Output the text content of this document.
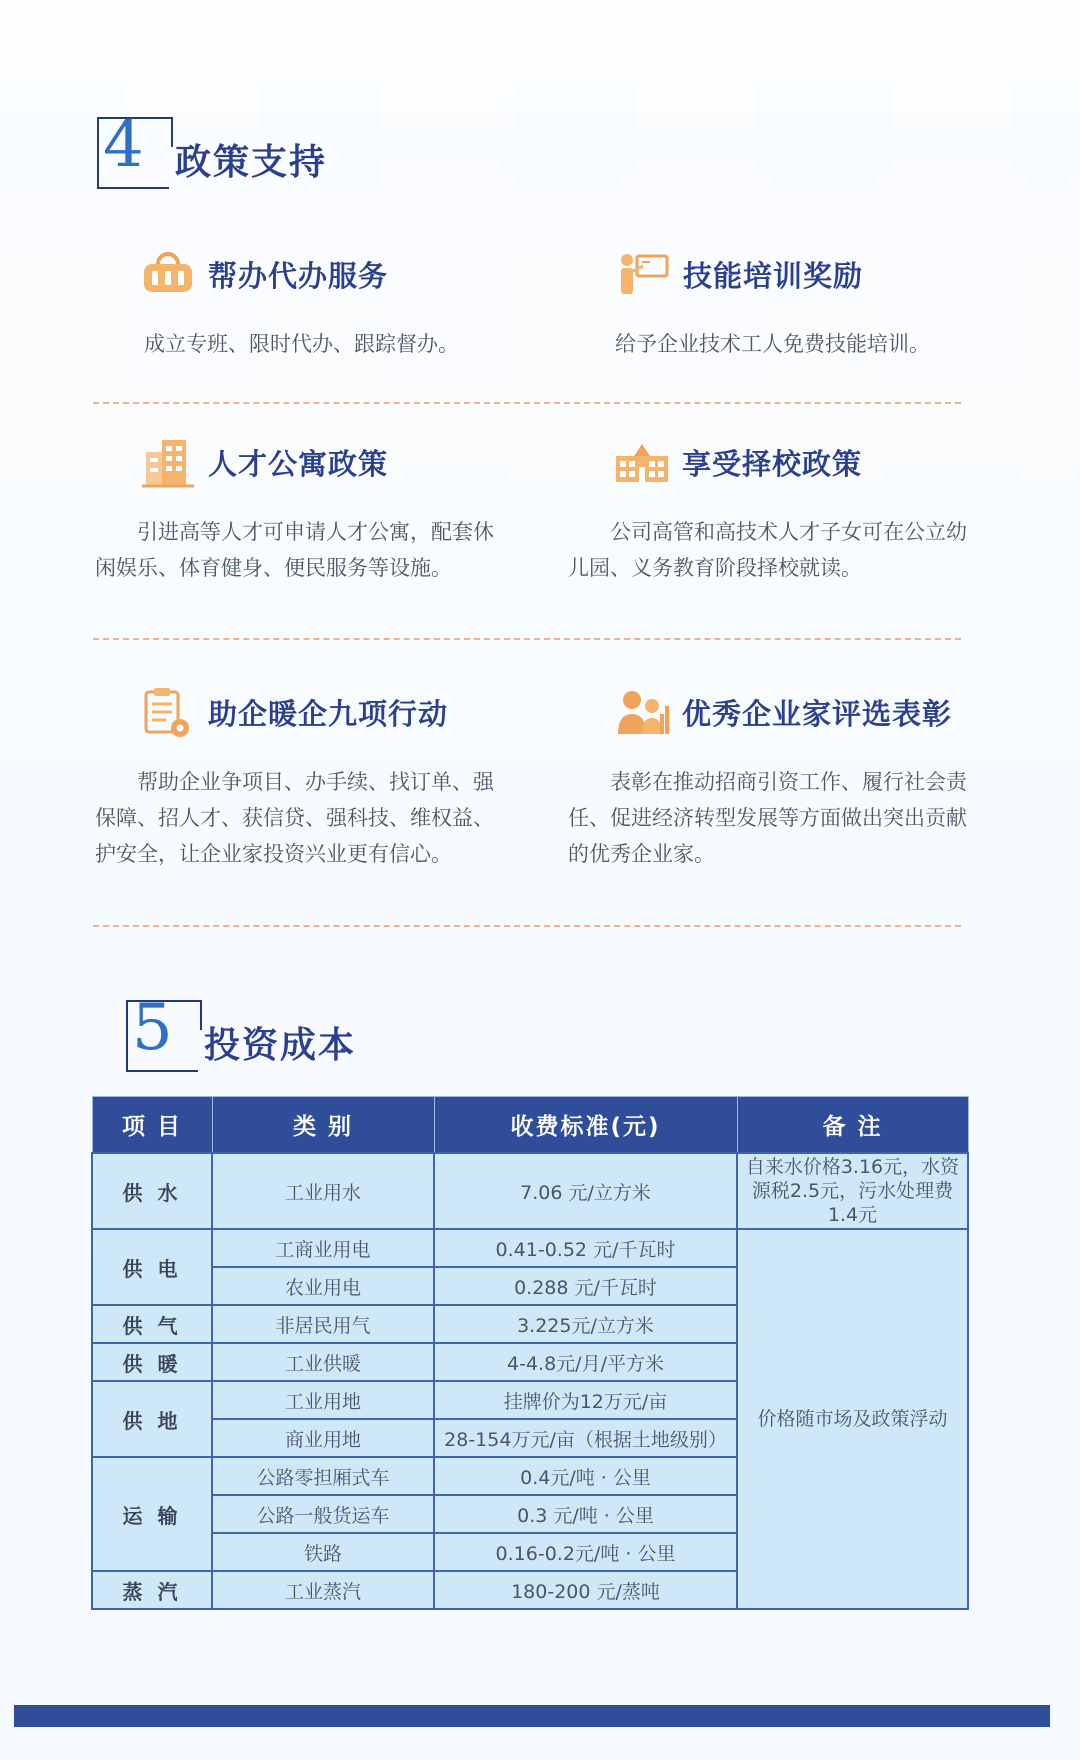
4 政策支持
帮办代办服务
成立专班、限时代办、跟踪督办。
技能培训奖励
给予企业技术工人免费技能培训。
人才公寓政策
引进高等人才可申请人才公寓，配套休闲娱乐、体育健身、便民服务等设施。
享受择校政策
公司高管和高技术人才子女可在公立幼儿园、义务教育阶段择校就读。
助企暖企九项行动
帮助企业争项目、办手续、找订单、强保障、招人才、获信贷、强科技、维权益、护安全，让企业家投资兴业更有信心。
优秀企业家评选表彰
表彰在推动招商引资工作、履行社会责任、促进经济转型发展等方面做出突出贡献的优秀企业家。
5 投资成本
项 目	类 别	收费标准(元)	备 注
供 水	工业用水	7.06 元/立方米	自来水价格3.16元，水资源税2.5元，污水处理费1.4元
供 电	工商业用电	0.41-0.52 元/千瓦时	价格随市场及政策浮动
	农业用电	0.288 元/千瓦时	
供 气	非居民用气	3.225元/立方米	
供 暖	工业供暖	4-4.8元/月/平方米	
供 地	工业用地	挂牌价为12万元/亩	
	商业用地	28-154万元/亩（根据土地级别）	
运 输	公路零担厢式车	0.4元/吨 · 公里	
	公路一般货运车	0.3 元/吨 · 公里	
	铁路	0.16-0.2元/吨 · 公里	
蒸 汽	工业蒸汽	180-200 元/蒸吨	
